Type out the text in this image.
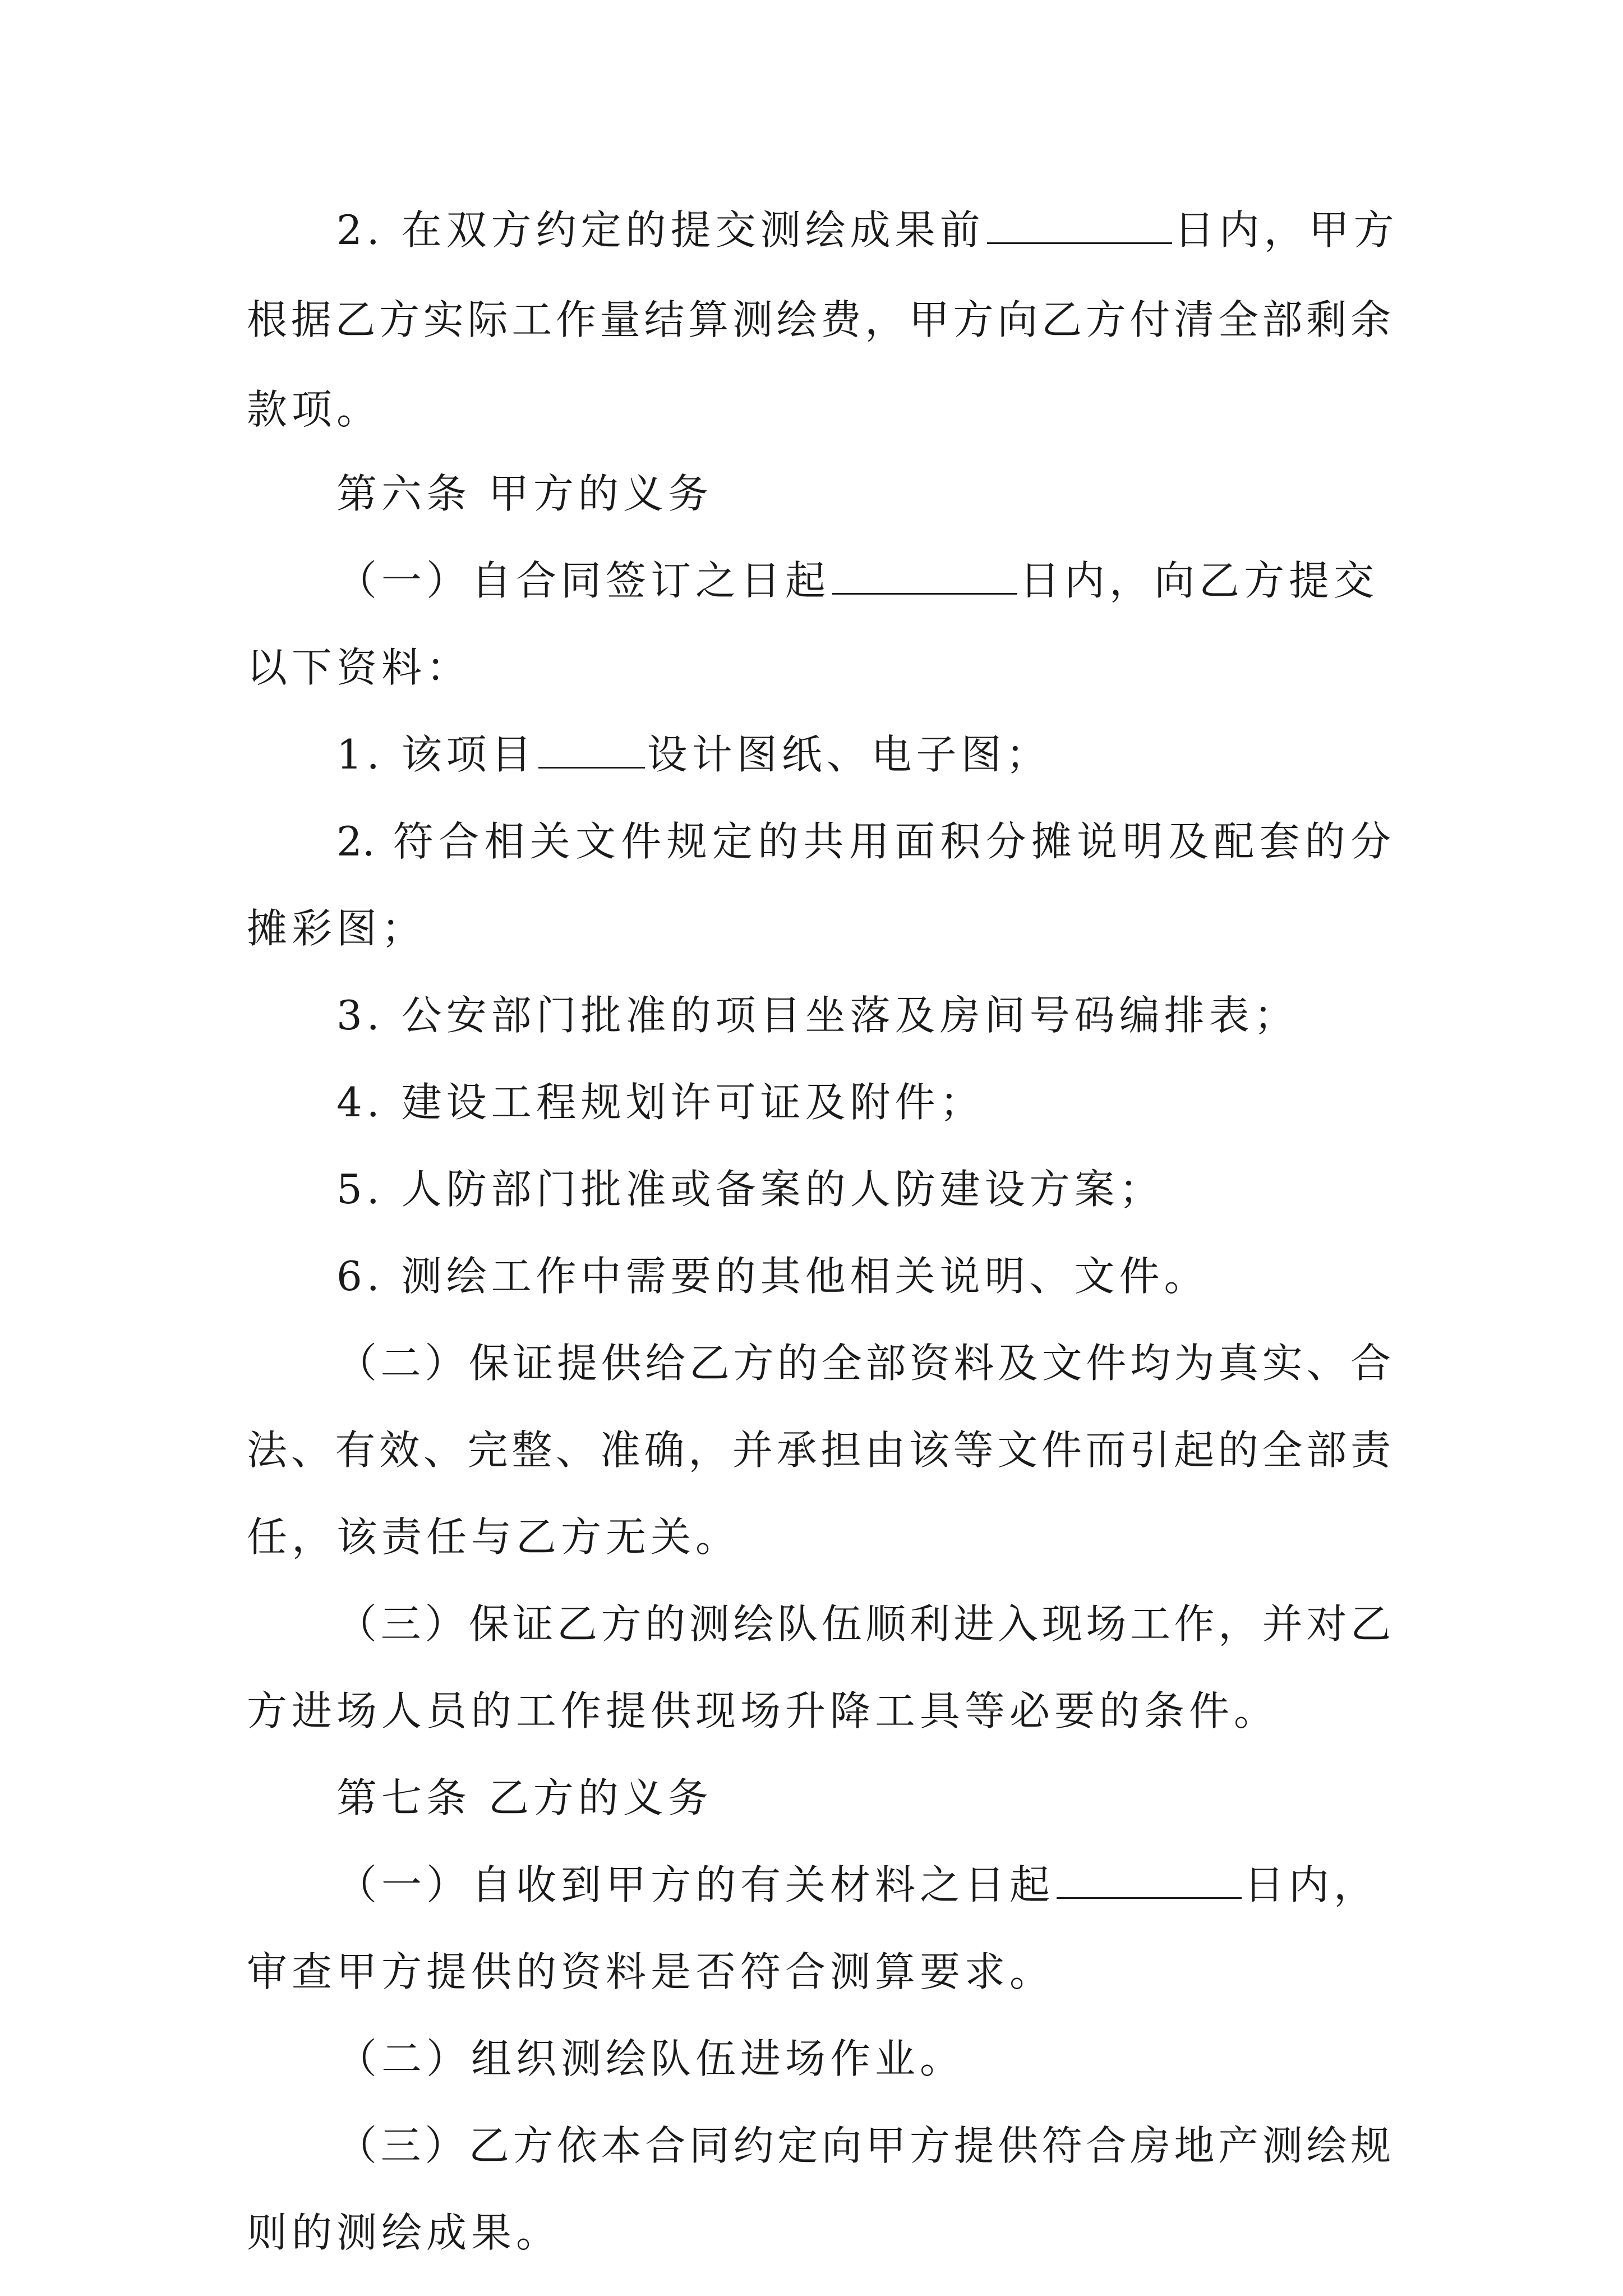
2. 在双方约定的提交测绘成果前	日内，甲方
根据乙方实际工作量结算测绘费，甲方向乙方付清全部剩余
款项。
第六条 甲方的义务
（一）自合同签订之日起	日内，向乙方提交
以下资料：
1. 该项目	设计图纸、电子图；
2. 符合相关文件规定的共用面积分摊说明及配套的分
摊彩图；
3. 公安部门批准的项目坐落及房间号码编排表；
4. 建设工程规划许可证及附件；
5. 人防部门批准或备案的人防建设方案；
6. 测绘工作中需要的其他相关说明、文件。
（二）保证提供给乙方的全部资料及文件均为真实、合
法、有效、完整、准确，并承担由该等文件而引起的全部责
任，该责任与乙方无关。
（三）保证乙方的测绘队伍顺利进入现场工作，并对乙
方进场人员的工作提供现场升降工具等必要的条件。
第七条 乙方的义务
（一）自收到甲方的有关材料之日起	日内，
审查甲方提供的资料是否符合测算要求。
（二）组织测绘队伍进场作业。
（三）乙方依本合同约定向甲方提供符合房地产测绘规
则的测绘成果。
